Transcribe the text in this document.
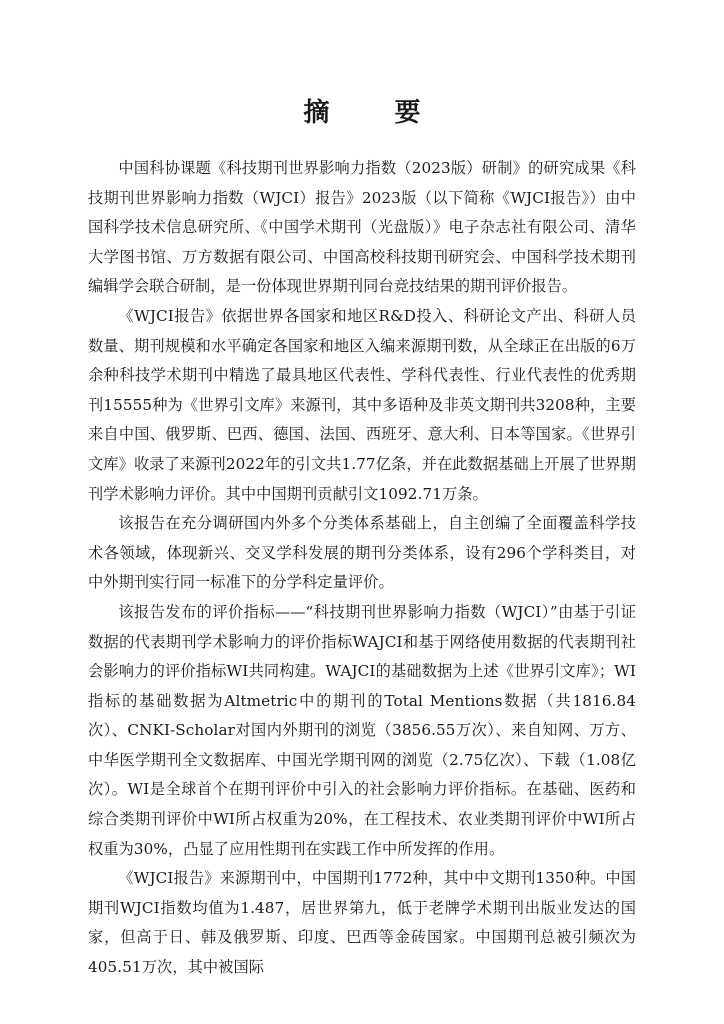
摘 要

中国科协课题《科技期刊世界影响力指数（2023版）研制》的研究成果《科技期刊世界影响力指数（WJCI）报告》2023版（以下简称《WJCI报告》）由中国科学技术信息研究所、《中国学术期刊（光盘版）》电子杂志社有限公司、清华大学图书馆、万方数据有限公司、中国高校科技期刊研究会、中国科学技术期刊编辑学会联合研制，是一份体现世界期刊同台竞技结果的期刊评价报告。

《WJCI报告》依据世界各国家和地区R&D投入、科研论文产出、科研人员数量、期刊规模和水平确定各国家和地区入编来源期刊数，从全球正在出版的6万余种科技学术期刊中精选了最具地区代表性、学科代表性、行业代表性的优秀期刊15555种为《世界引文库》来源刊，其中多语种及非英文期刊共3208种，主要来自中国、俄罗斯、巴西、德国、法国、西班牙、意大利、日本等国家。《世界引文库》收录了来源刊2022年的引文共1.77亿条，并在此数据基础上开展了世界期刊学术影响力评价。其中中国期刊贡献引文1092.71万条。

该报告在充分调研国内外多个分类体系基础上，自主创编了全面覆盖科学技术各领域，体现新兴、交叉学科发展的期刊分类体系，设有296个学科类目，对中外期刊实行同一标准下的分学科定量评价。

该报告发布的评价指标——“科技期刊世界影响力指数（WJCI）”由基于引证数据的代表期刊学术影响力的评价指标WAJCI和基于网络使用数据的代表期刊社会影响力的评价指标WI共同构建。WAJCI的基础数据为上述《世界引文库》；WI指标的基础数据为Altmetric中的期刊的Total Mentions数据（共1816.84次）、CNKI-Scholar对国内外期刊的浏览（3856.55万次）、来自知网、万方、中华医学期刊全文数据库、中国光学期刊网的浏览（2.75亿次）、下载（1.08亿次）。WI是全球首个在期刊评价中引入的社会影响力评价指标。在基础、医药和综合类期刊评价中WI所占权重为20%，在工程技术、农业类期刊评价中WI所占权重为30%，凸显了应用性期刊在实践工作中所发挥的作用。

《WJCI报告》来源期刊中，中国期刊1772种，其中中文期刊1350种。中国期刊WJCI指数均值为1.487，居世界第九，低于老牌学术期刊出版业发达的国家，但高于日、韩及俄罗斯、印度、巴西等金砖国家。中国期刊总被引频次为405.51万次，其中被国际
